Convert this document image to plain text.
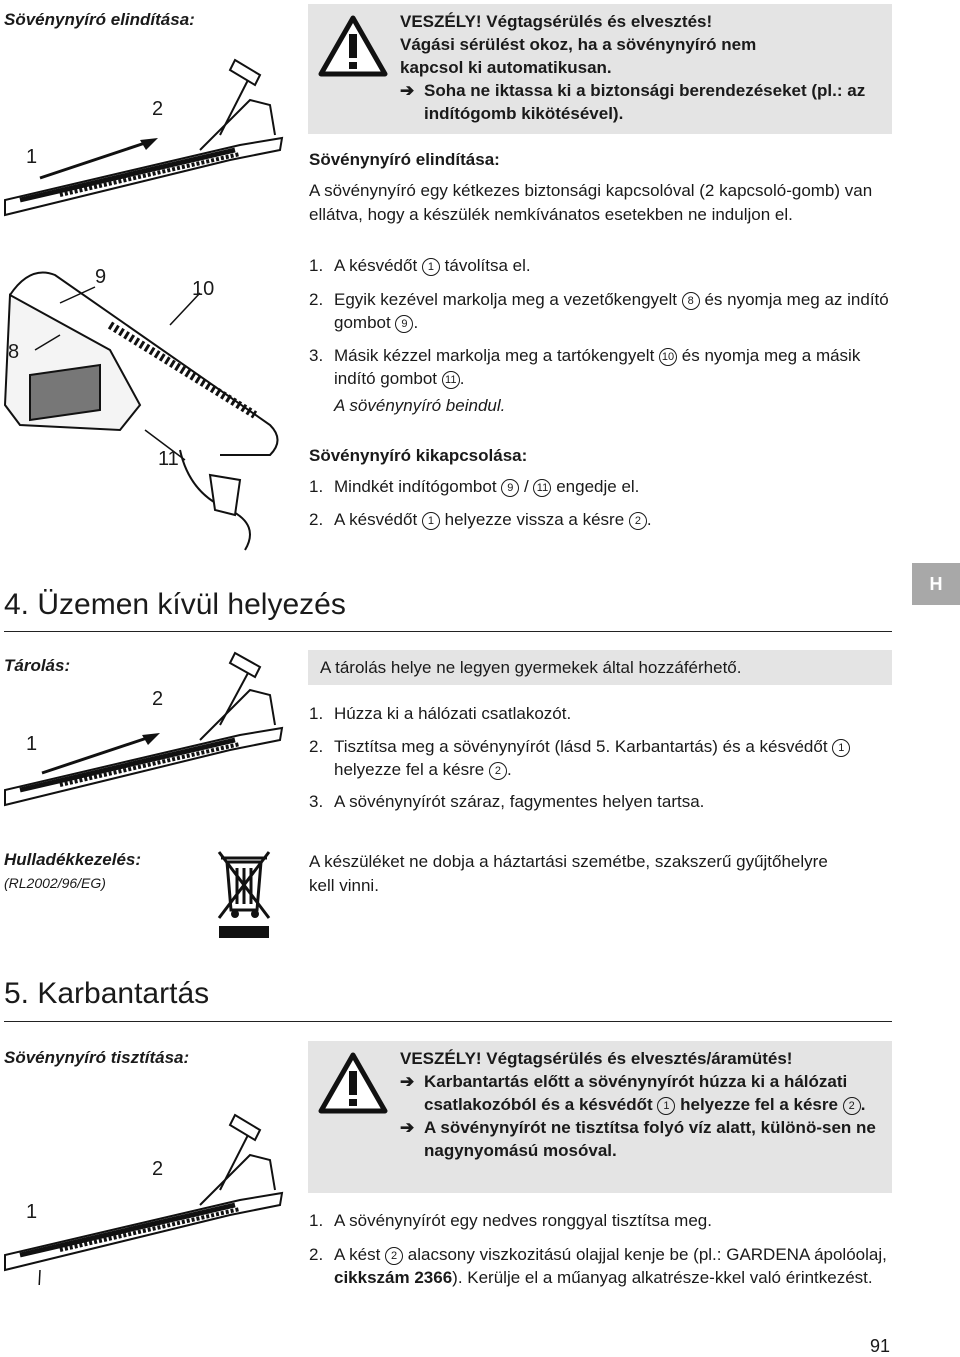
Sövénynyíró elindítása:
Tárolás:
Hulladékkezelés:
(RL2002/96/EG)
Sövénynyíró tisztítása:
1
2
9
10
8
11
VESZÉLY! Végtagsérülés és elvesztés!
Vágási sérülést okoz, ha a sövénynyíró nem
kapcsol ki automatikusan.
➔ Soha ne iktassa ki a biztonsági berendezéseket (pl.: az indítógomb kikötésével).
Sövénynyíró elindítása:
A sövénynyíró egy kétkezes biztonsági kapcsolóval (2 kapcsoló-gomb) van ellátva, hogy a készülék nemkívánatos esetekben ne induljon el.
1. A késvédőt 1 távolítsa el.
2. Egyik kezével markolja meg a vezetőkengyelt 8 és nyomja meg az indító gombot 9 .
3. Másik kézzel markolja meg a tartókengyelt 10 és nyomja meg a másik indító gombot 11 .
A sövénynyíró beindul.
Sövénynyíró kikapcsolása:
1. Mindkét indítógombot 9 / 11 engedje el.
2. A késvédőt 1 helyezze vissza a késre 2 .
H
4. Üzemen kívül helyezés
1
2
A tárolás helye ne legyen gyermekek által hozzáférhető.
1. Húzza ki a hálózati csatlakozót.
2. Tisztítsa meg a sövénynyírót (lásd 5. Karbantartás) és a késvédőt 1 helyezze fel a késre 2 .
3. A sövénynyírót száraz, fagymentes helyen tartsa.
A készüléket ne dobja a háztartási szemétbe, szakszerű gyűjtőhelyre kell vinni.
5. Karbantartás
VESZÉLY! Végtagsérülés és elvesztés/áramütés!
➔ Karbantartás előtt a sövénynyírót húzza ki a hálózati csatlakozóból és a késvédőt 1 helyezze fel a késre 2 .
➔ A sövénynyírót ne tisztítsa folyó víz alatt, különö-sen ne nagynyomású mosóval.
1
2
1. A sövénynyírót egy nedves ronggyal tisztítsa meg.
2. A kést 2 alacsony viszkozitású olajjal kenje be (pl.: GARDENA ápolóolaj, cikkszám 2366). Kerülje el a műanyag alkatrésze-kkel való érintkezést.
91
